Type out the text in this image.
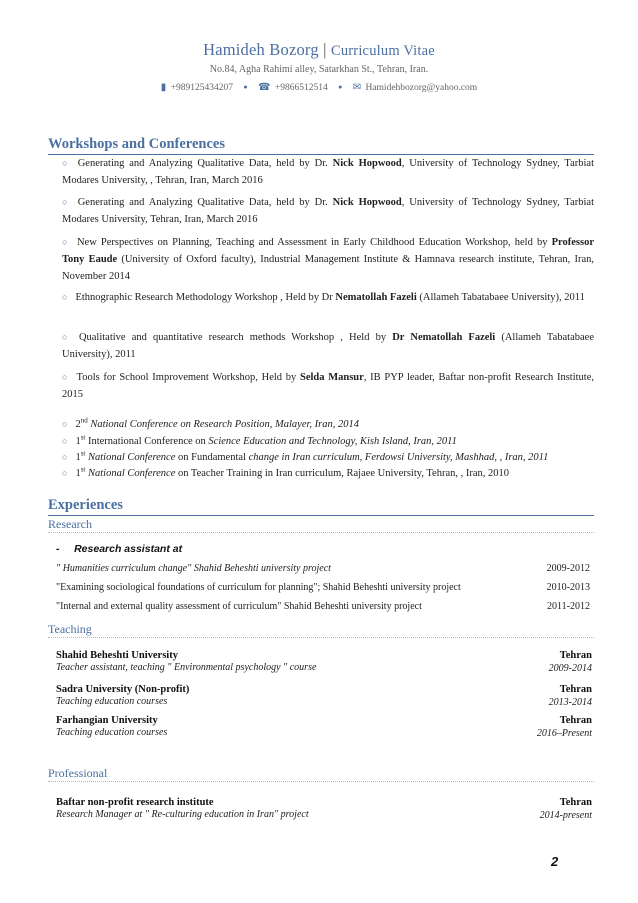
Hamideh Bozorg | Curriculum Vitae
No.84, Agha Rahimi alley, Satarkhan St., Tehran, Iran.
▮ +989125434207 ● ☎ +9866512514 ● ✉ Hamidehbozorg@yahoo.com
Workshops and Conferences
○ Generating and Analyzing Qualitative Data, held by Dr. Nick Hopwood, University of Technology Sydney, Tarbiat Modares University, , Tehran, Iran, March 2016
○ Generating and Analyzing Qualitative Data, held by Dr. Nick Hopwood, University of Technology Sydney, Tarbiat Modares University, Tehran, Iran, March 2016
○ New Perspectives on Planning, Teaching and Assessment in Early Childhood Education Workshop, held by Professor Tony Eaude (University of Oxford faculty), Industrial Management Institute & Hamnava research institute, Tehran, Iran, November 2014
○ Ethnographic Research Methodology Workshop , Held by Dr Nematollah Fazeli (Allameh Tabatabaee University), 2011
○ Qualitative and quantitative research methods Workshop , Held by Dr Nematollah Fazeli (Allameh Tabatabaee University), 2011
○ Tools for School Improvement Workshop, Held by Selda Mansur, IB PYP leader, Baftar non-profit Research Institute, 2015
○ 2nd National Conference on Research Position, Malayer, Iran, 2014
○ 1st International Conference on Science Education and Technology, Kish Island, Iran, 2011
○ 1st National Conference on Fundamental change in Iran curriculum, Ferdowsi University, Mashhad, , Iran, 2011
○ 1st National Conference on Teacher Training in Iran curriculum, Rajaee University, Tehran, , Iran, 2010
Experiences
Research
- Research assistant at
" Humanities curriculum change" Shahid Beheshti university project	2009-2012
"Examining sociological foundations of curriculum for planning"; Shahid Beheshti university project	2010-2013
"Internal and external quality assessment of curriculum" Shahid Beheshti university project	2011-2012
Teaching
Shahid Beheshti University	Tehran
Teacher assistant, teaching " Environmental psychology " course	2009-2014
Sadra University (Non-profit)	Tehran
Teaching education courses	2013-2014
Farhangian University	Tehran
Teaching education courses	2016–Present
Professional
Baftar non-profit research institute	Tehran
Research Manager at " Re-culturing education in Iran" project	2014-present
2
